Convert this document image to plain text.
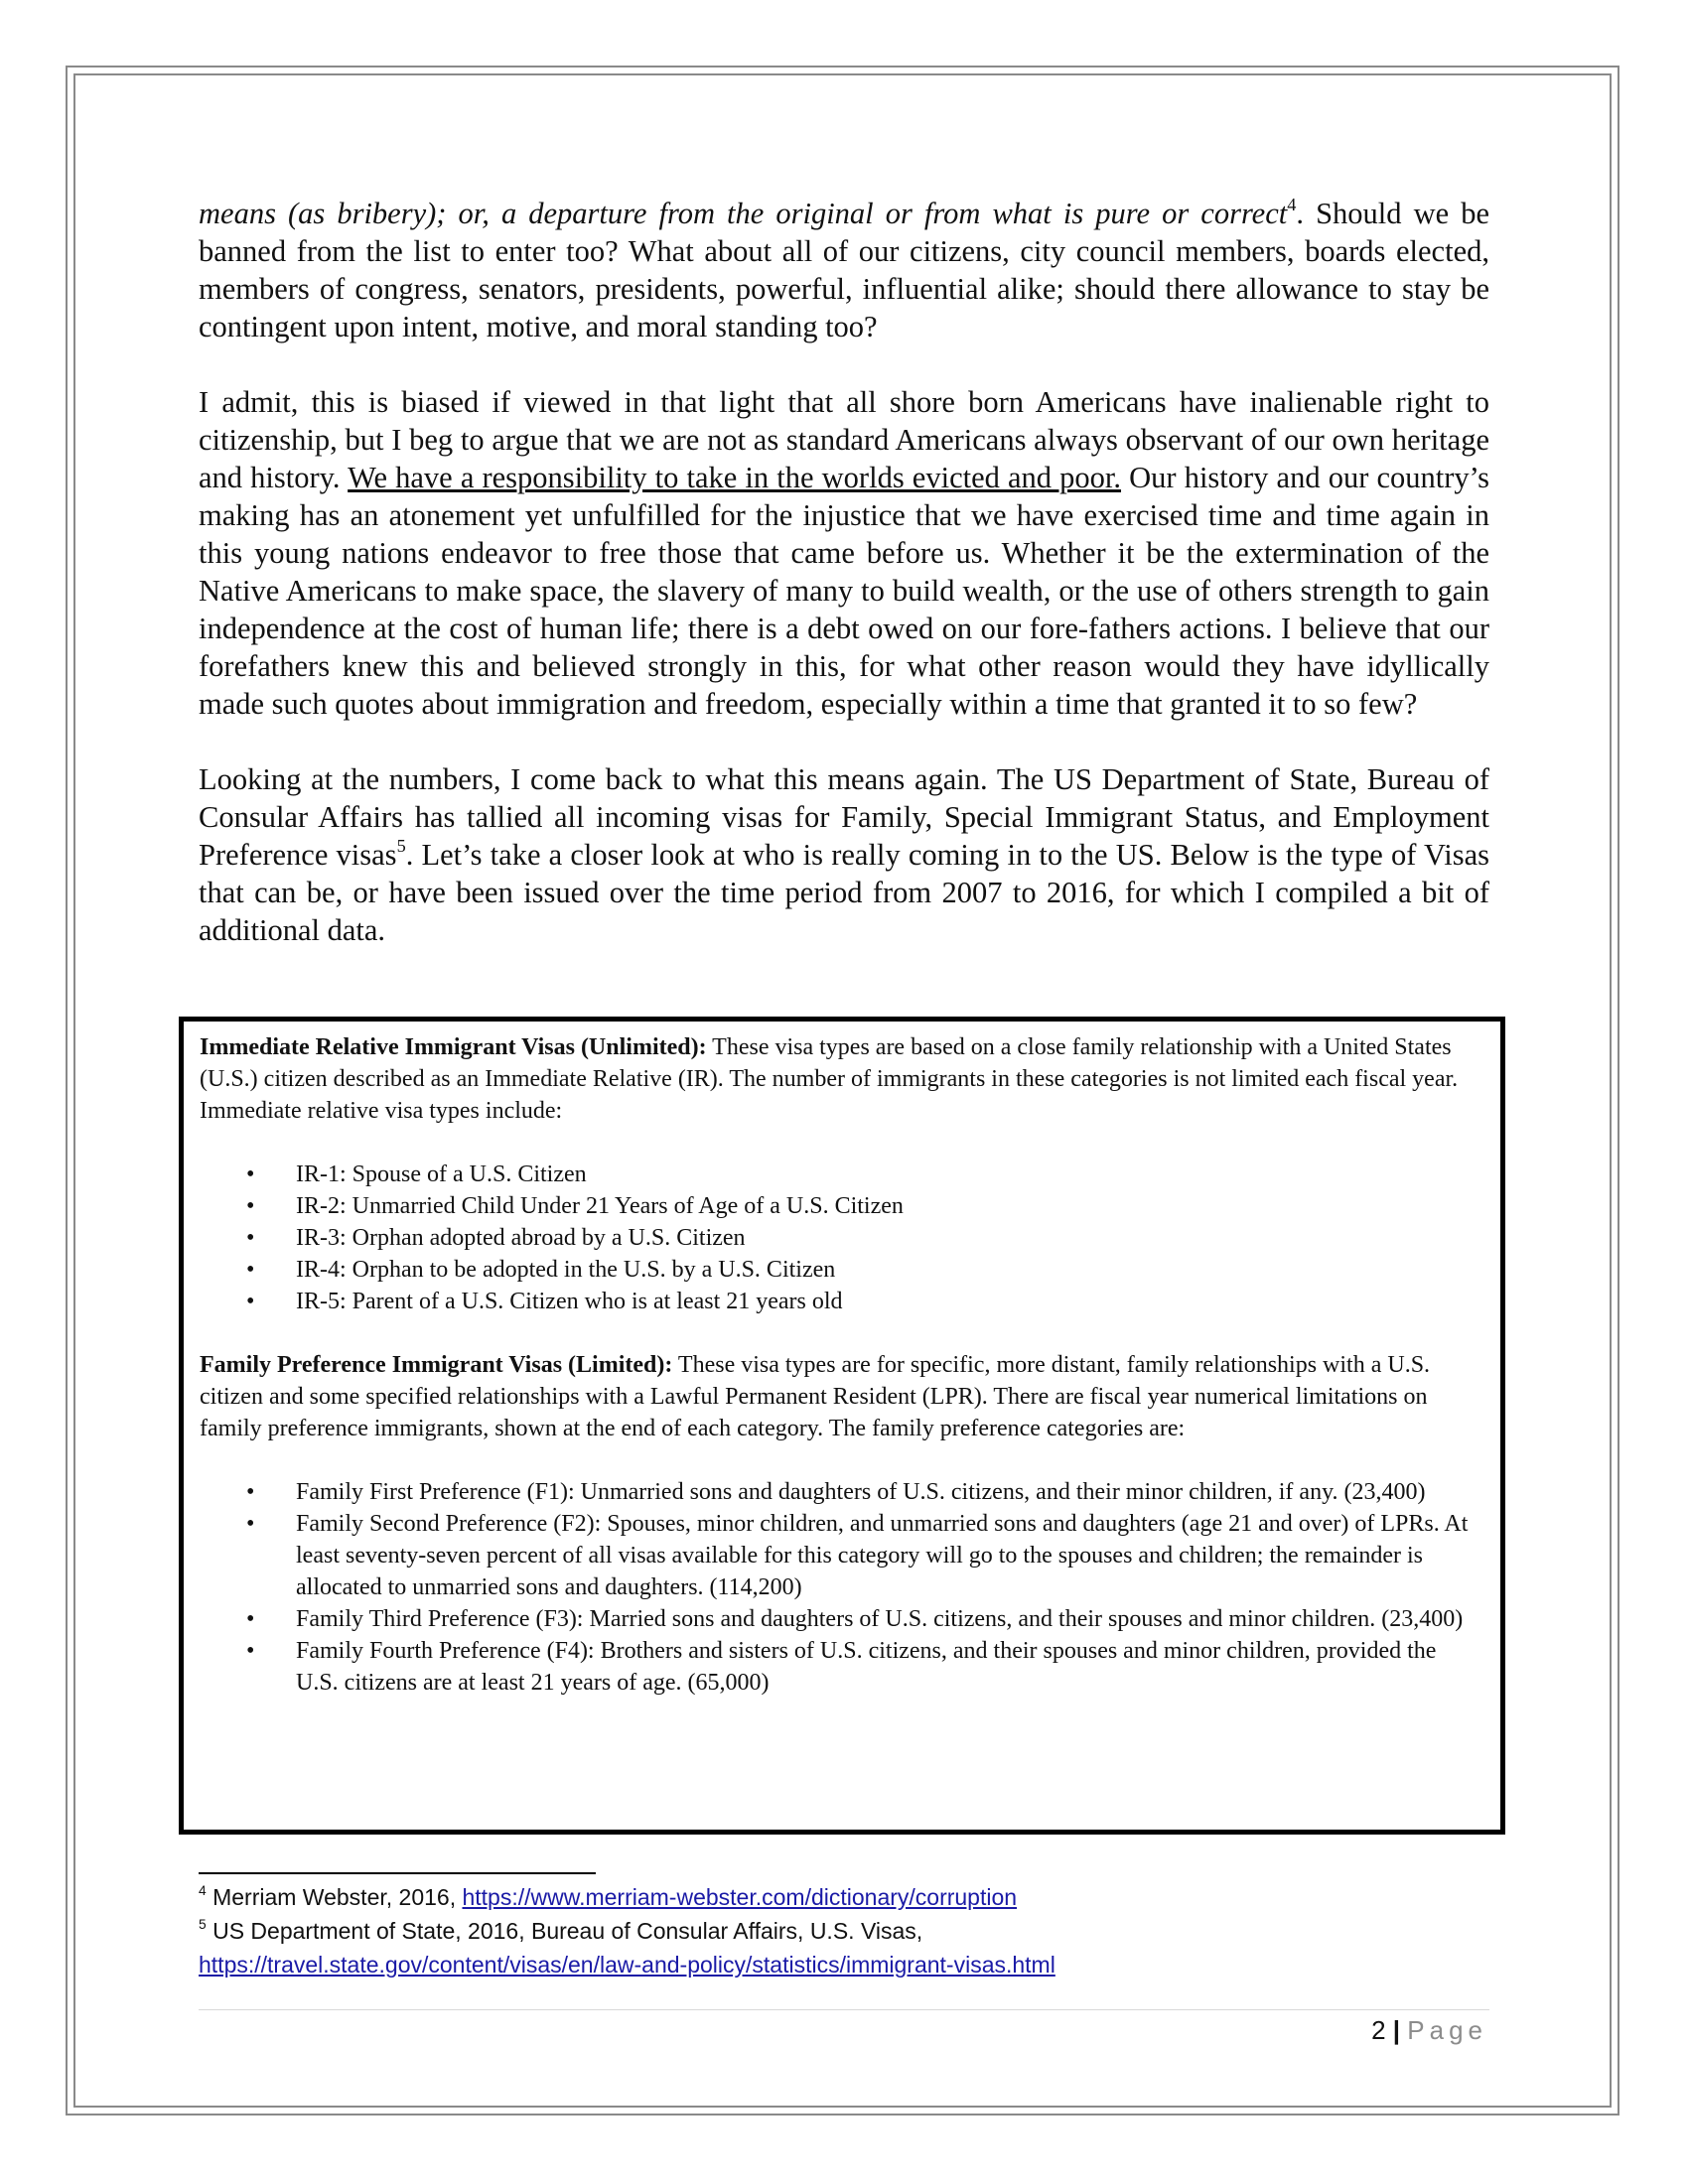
means (as bribery); or, a departure from the original or from what is pure or correct$^4$. Should we be banned from the list to enter too? What about all of our citizens, city council members, boards elected, members of congress, senators, presidents, powerful, influential alike; should there allowance to stay be contingent upon intent, motive, and moral standing too?

I admit, this is biased if viewed in that light that all shore born Americans have inalienable right to citizenship, but I beg to argue that we are not as standard Americans always observant of our own heritage and history. We have a responsibility to take in the worlds evicted and poor. Our history and our country’s making has an atonement yet unfulfilled for the injustice that we have exercised time and time again in this young nations endeavor to free those that came before us. Whether it be the extermination of the Native Americans to make space, the slavery of many to build wealth, or the use of others strength to gain independence at the cost of human life; there is a debt owed on our fore-fathers actions. I believe that our forefathers knew this and believed strongly in this, for what other reason would they have idyllically made such quotes about immigration and freedom, especially within a time that granted it to so few?

Looking at the numbers, I come back to what this means again. The US Department of State, Bureau of Consular Affairs has tallied all incoming visas for Family, Special Immigrant Status, and Employment Preference visas$^5$. Let’s take a closer look at who is really coming in to the US. Below is the type of Visas that can be, or have been issued over the time period from 2007 to 2016, for which I compiled a bit of additional data.

Immediate Relative Immigrant Visas (Unlimited): These visa types are based on a close family relationship with a United States (U.S.) citizen described as an Immediate Relative (IR). The number of immigrants in these categories is not limited each fiscal year. Immediate relative visa types include:

• IR-1: Spouse of a U.S. Citizen
• IR-2: Unmarried Child Under 21 Years of Age of a U.S. Citizen
• IR-3: Orphan adopted abroad by a U.S. Citizen
• IR-4: Orphan to be adopted in the U.S. by a U.S. Citizen
• IR-5: Parent of a U.S. Citizen who is at least 21 years old

Family Preference Immigrant Visas (Limited): These visa types are for specific, more distant, family relationships with a U.S. citizen and some specified relationships with a Lawful Permanent Resident (LPR). There are fiscal year numerical limitations on family preference immigrants, shown at the end of each category. The family preference categories are:

• Family First Preference (F1): Unmarried sons and daughters of U.S. citizens, and their minor children, if any. (23,400)
• Family Second Preference (F2): Spouses, minor children, and unmarried sons and daughters (age 21 and over) of LPRs. At least seventy-seven percent of all visas available for this category will go to the spouses and children; the remainder is allocated to unmarried sons and daughters. (114,200)
• Family Third Preference (F3): Married sons and daughters of U.S. citizens, and their spouses and minor children. (23,400)
• Family Fourth Preference (F4): Brothers and sisters of U.S. citizens, and their spouses and minor children, provided the U.S. citizens are at least 21 years of age. (65,000)

$^4$ Merriam Webster, 2016, https://www.merriam-webster.com/dictionary/corruption

$^5$ US Department of State, 2016, Bureau of Consular Affairs, U.S. Visas,

https://travel.state.gov/content/visas/en/law-and-policy/statistics/immigrant-visas.html

2 | Page
